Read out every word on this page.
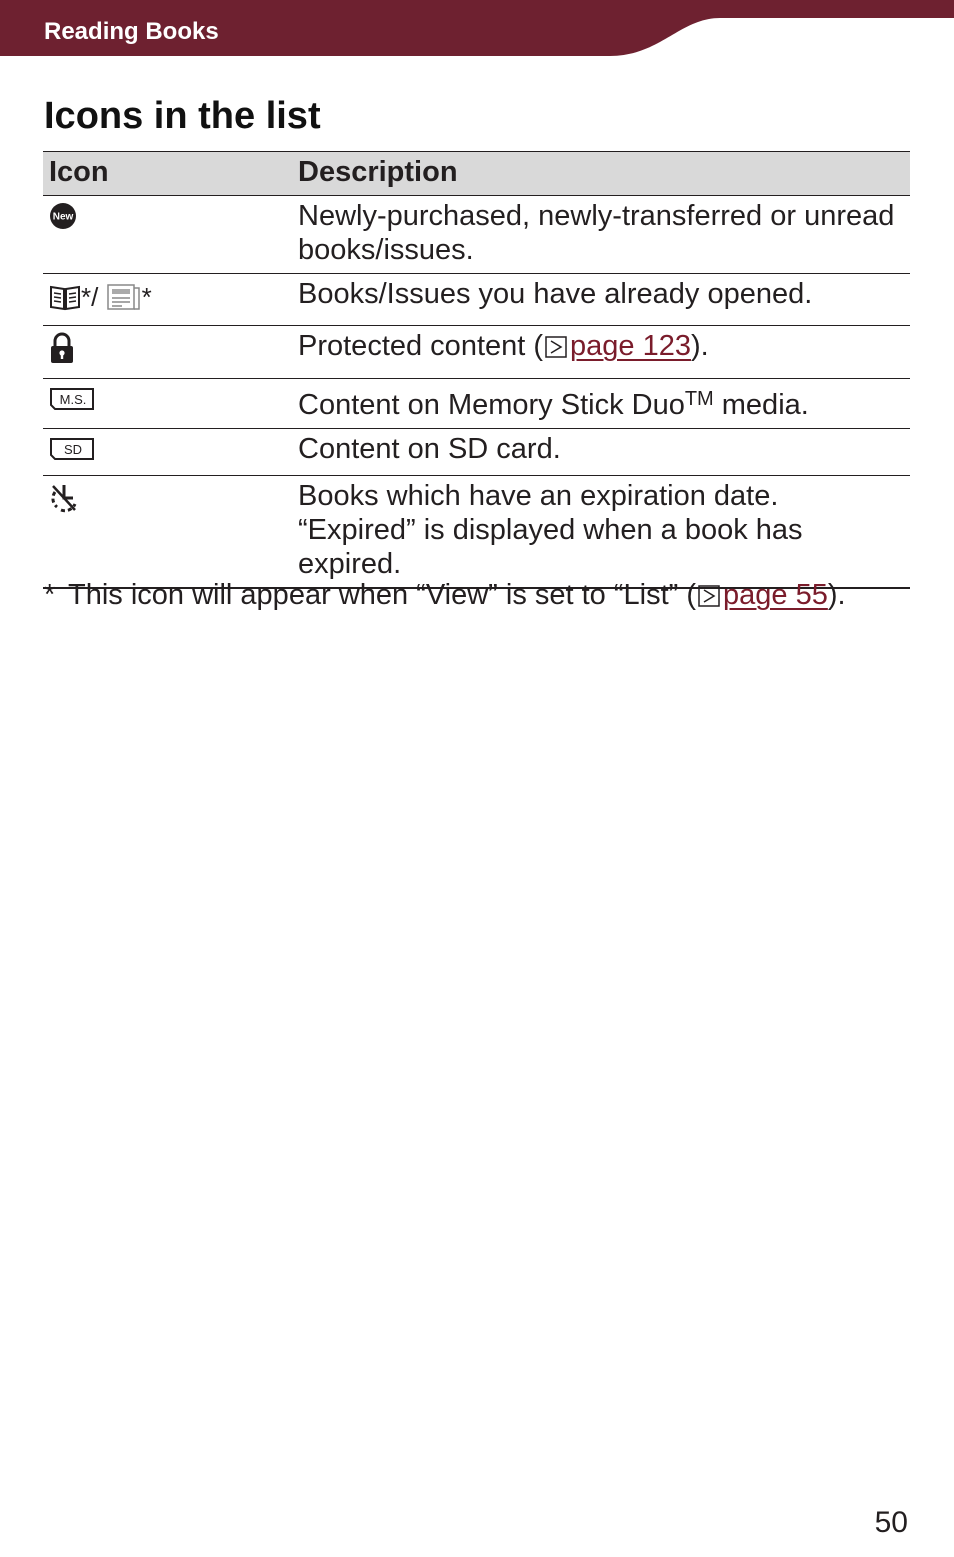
Reading Books
Icons in the list
Icon	Description

New	Newly-purchased, newly-transferred or unread books/issues.

*/ *	Books/Issues you have already opened.

	Protected content ( page 123).

M.S.	Content on Memory Stick Duo™ media.

SD	Content on SD card.

	Books which have an expiration date. “Expired” is displayed when a book has expired.
* This icon will appear when “View” is set to “List” ( page 55).
50
